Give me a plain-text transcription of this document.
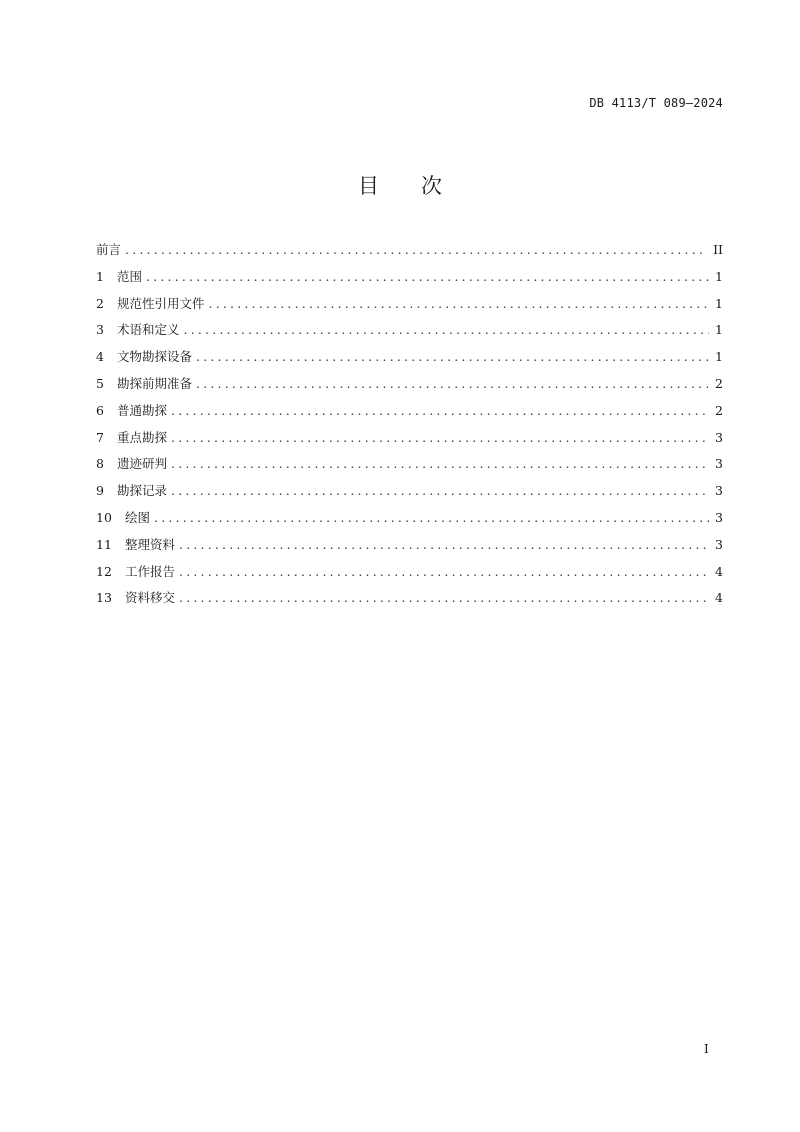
DB 4113/T 089—2024
目次
前言 .....	II
1	范围 .....	1
2	规范性引用文件 .....	1
3	术语和定义 .....	1
4	文物勘探设备 .....	1
5	勘探前期准备 .....	2
6	普通勘探 .....	2
7	重点勘探 .....	3
8	遗迹研判 .....	3
9	勘探记录 .....	3
10	绘图 .....	3
11	整理资料 .....	3
12	工作报告 .....	4
13	资料移交 .....	4
I
